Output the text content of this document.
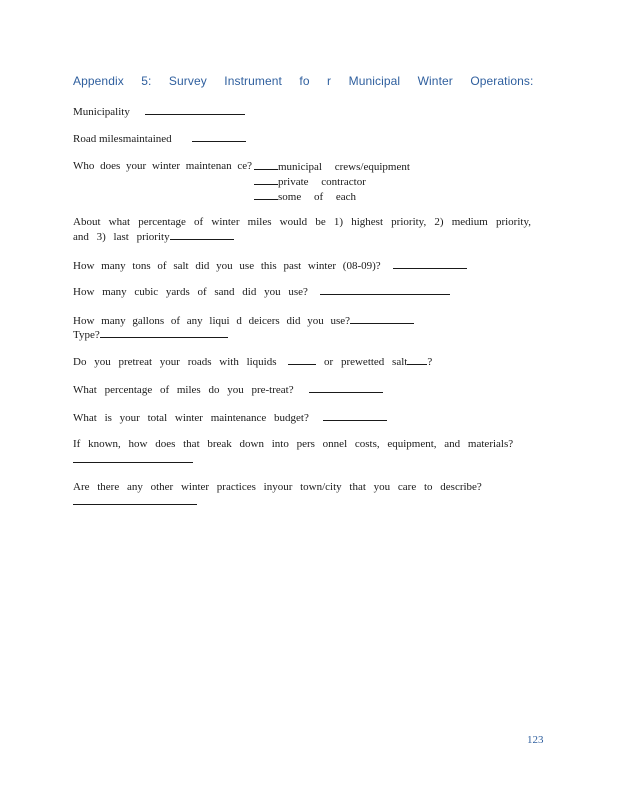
Appendix 5: Survey Instrument fo r Municipal Winter Operations:
Municipality
Road milesmaintained
Who does your winter maintenan ce?	municipal crews/equipment
private contractor
some of each
About what percentage of winter miles would be 1) highest priority, 2) medium priority, and 3) last priority
How many tons of salt did you use this past winter (08-09)?
How many cubic yards of sand did you use?
How many gallons of any liqui d deicers did you use?
Type?
Do you pretreat your roads with liquids	or prewetted salt ?
What percentage of miles do you pre-treat?
What is your total winter maintenance budget?
If known, how does that break down into pers onnel costs, equipment, and materials?
Are there any other winter practices inyour town/city that you care to describe?
123
